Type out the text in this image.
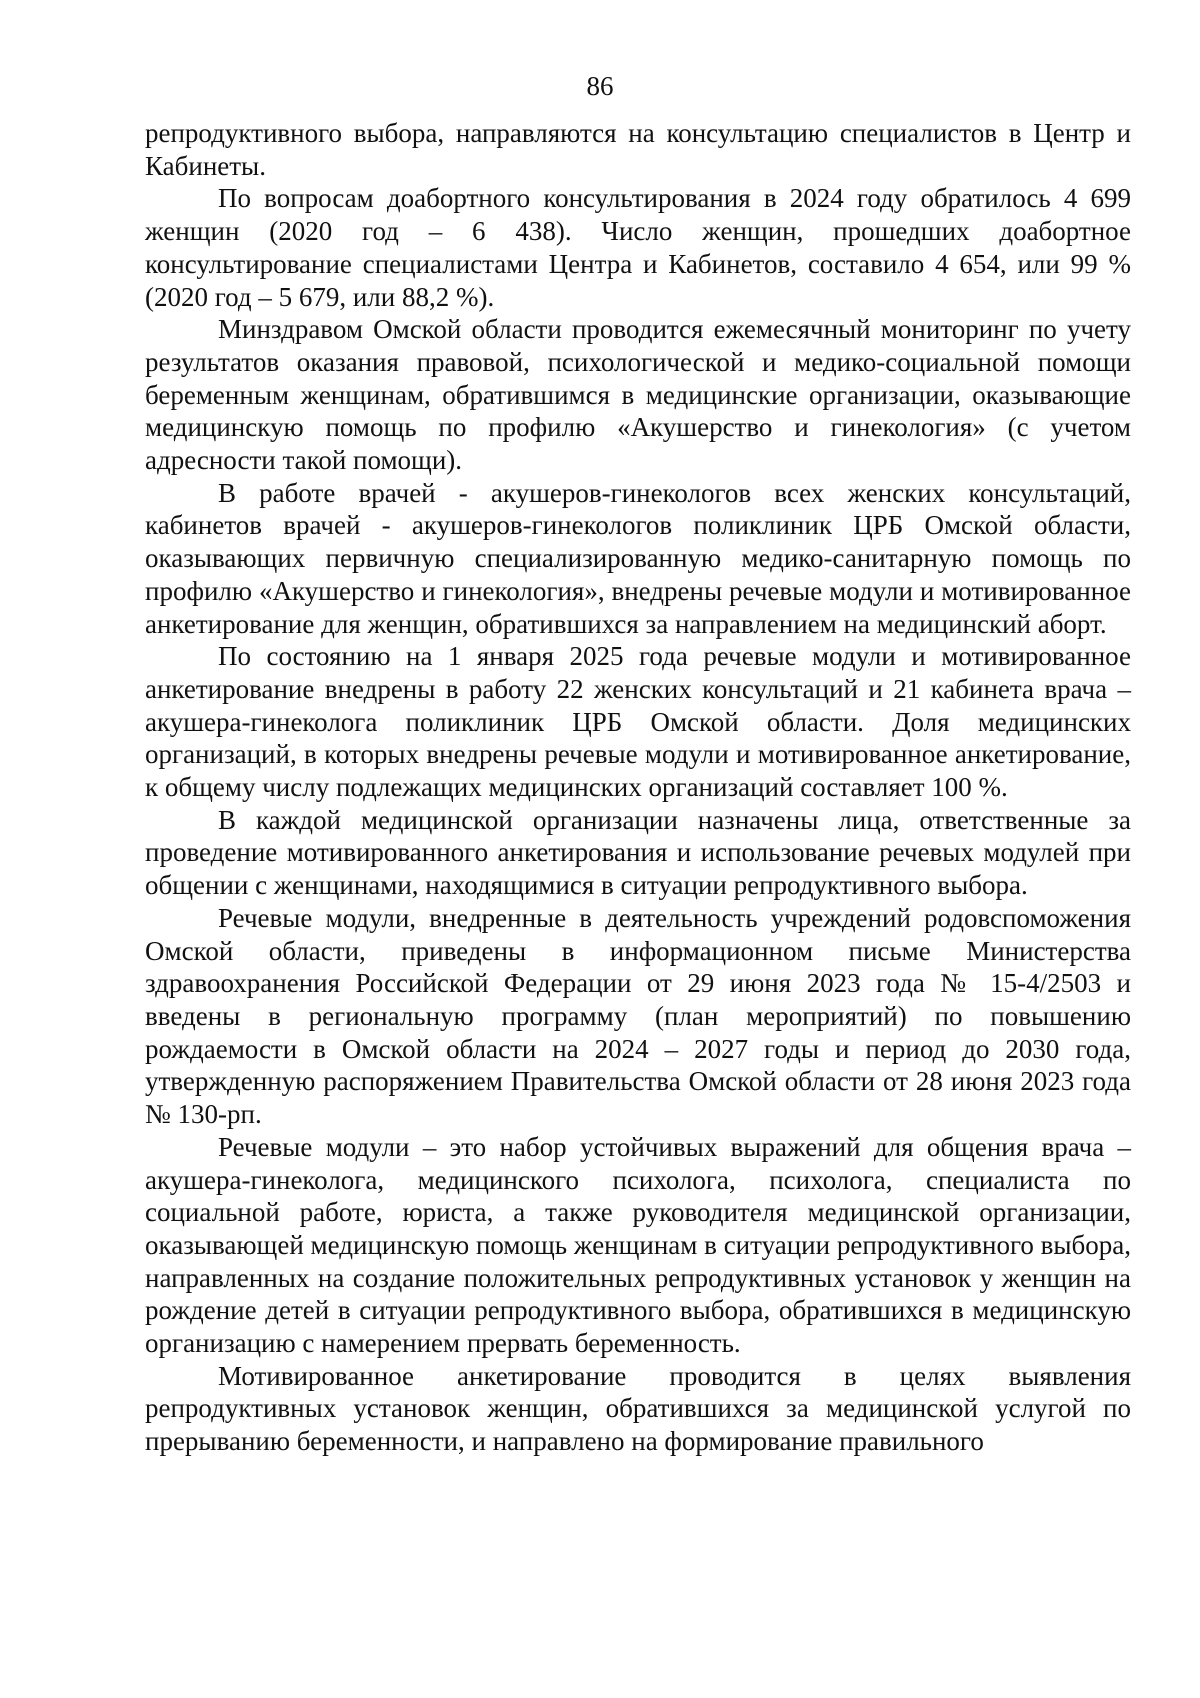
86

репродуктивного выбора, направляются на консультацию специалистов в Центр и Кабинеты.

По вопросам доабортного консультирования в 2024 году обратилось 4 699 женщин (2020 год – 6 438). Число женщин, прошедших доабортное консультирование специалистами Центра и Кабинетов, составило 4 654, или 99 % (2020 год – 5 679, или 88,2 %).

Минздравом Омской области проводится ежемесячный мониторинг по учету результатов оказания правовой, психологической и медико-социальной помощи беременным женщинам, обратившимся в медицинские организации, оказывающие медицинскую помощь по профилю «Акушерство и гинекология» (с учетом адресности такой помощи).

В работе врачей - акушеров-гинекологов всех женских консультаций, кабинетов врачей - акушеров-гинекологов поликлиник ЦРБ Омской области, оказывающих первичную специализированную медико-санитарную помощь по профилю «Акушерство и гинекология», внедрены речевые модули и мотивированное анкетирование для женщин, обратившихся за направлением на медицинский аборт.

По состоянию на 1 января 2025 года речевые модули и мотивированное анкетирование внедрены в работу 22 женских консультаций и 21 кабинета врача – акушера-гинеколога поликлиник ЦРБ Омской области. Доля медицинских организаций, в которых внедрены речевые модули и мотивированное анкетирование, к общему числу подлежащих медицинских организаций составляет 100 %.

В каждой медицинской организации назначены лица, ответственные за проведение мотивированного анкетирования и использование речевых модулей при общении с женщинами, находящимися в ситуации репродуктивного выбора.

Речевые модули, внедренные в деятельность учреждений родовспоможения Омской области, приведены в информационном письме Министерства здравоохранения Российской Федерации от 29 июня 2023 года № 15-4/2503 и введены в региональную программу (план мероприятий) по повышению рождаемости в Омской области на 2024 – 2027 годы и период до 2030 года, утвержденную распоряжением Правительства Омской области от 28 июня 2023 года № 130-рп.

Речевые модули – это набор устойчивых выражений для общения врача – акушера-гинеколога, медицинского психолога, психолога, специалиста по социальной работе, юриста, а также руководителя медицинской организации, оказывающей медицинскую помощь женщинам в ситуации репродуктивного выбора, направленных на создание положительных репродуктивных установок у женщин на рождение детей в ситуации репродуктивного выбора, обратившихся в медицинскую организацию с намерением прервать беременность.

Мотивированное анкетирование проводится в целях выявления репродуктивных установок женщин, обратившихся за медицинской услугой по прерыванию беременности, и направлено на формирование правильного
